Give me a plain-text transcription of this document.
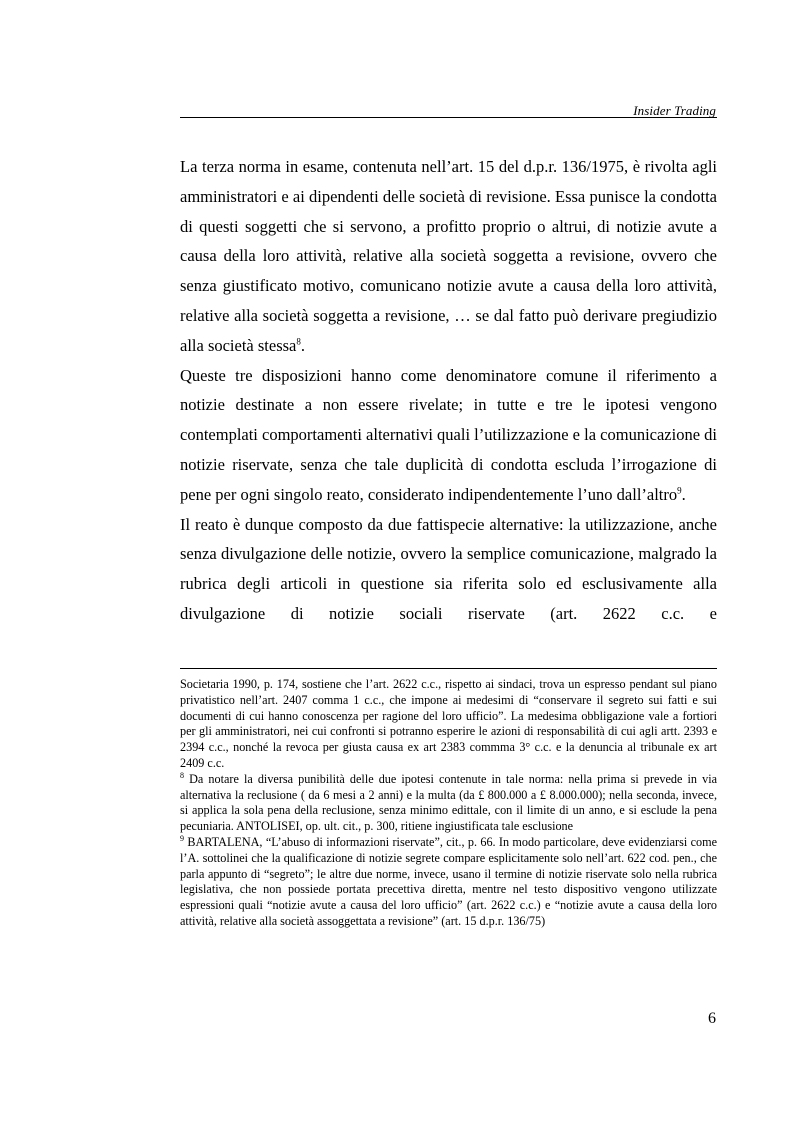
Insider Trading

La terza norma in esame, contenuta nell’art. 15 del d.p.r. 136/1975, è rivolta agli amministratori e ai dipendenti delle società di revisione. Essa punisce la condotta di questi soggetti che si servono, a profitto proprio o altrui, di notizie avute a causa della loro attività, relative alla società soggetta a revisione, ovvero che senza giustificato motivo, comunicano notizie avute a causa della loro attività, relative alla società soggetta a revisione, … se dal fatto può derivare pregiudizio alla società stessa$^8$.

Queste tre disposizioni hanno come denominatore comune il riferimento a notizie destinate a non essere rivelate; in tutte e tre le ipotesi vengono contemplati comportamenti alternativi quali l’utilizzazione e la comunicazione di notizie riservate, senza che tale duplicità di condotta escluda l’irrogazione di pene per ogni singolo reato, considerato indipendentemente l’uno dall’altro$^9$.

Il reato è dunque composto da due fattispecie alternative: la utilizzazione, anche senza divulgazione delle notizie, ovvero la semplice comunicazione, malgrado la rubrica degli articoli in questione sia riferita solo ed esclusivamente alla divulgazione di notizie sociali riservate (art. 2622 c.c. e

Societaria 1990, p. 174, sostiene che l’art. 2622 c.c., rispetto ai sindaci, trova un espresso pendant sul piano privatistico nell’art. 2407 comma 1 c.c., che impone ai medesimi di “conservare il segreto sui fatti e sui documenti di cui hanno conoscenza per ragione del loro ufficio”. La medesima obbligazione vale a fortiori per gli amministratori, nei cui confronti si potranno esperire le azioni di responsabilità di cui agli artt. 2393 e 2394 c.c., nonché la revoca per giusta causa ex art 2383 commma 3° c.c. e la denuncia al tribunale ex art 2409 c.c.

$^8$ Da notare la diversa punibilità delle due ipotesi contenute in tale norma: nella prima si prevede in via alternativa la reclusione ( da 6 mesi a 2 anni) e la multa (da £ 800.000 a £ 8.000.000); nella seconda, invece, si applica la sola pena della reclusione, senza minimo edittale, con il limite di un anno, e si esclude la pena pecuniaria. ANTOLISEI, op. ult. cit., p. 300, ritiene ingiustificata tale esclusione

$^9$ BARTALENA, “L’abuso di informazioni riservate”, cit., p. 66. In modo particolare, deve evidenziarsi come l’A. sottolinei che la qualificazione di notizie segrete compare esplicitamente solo nell’art. 622 cod. pen., che parla appunto di “segreto”; le altre due norme, invece, usano il termine di notizie riservate solo nella rubrica legislativa, che non possiede portata precettiva diretta, mentre nel testo dispositivo vengono utilizzate espressioni quali “notizie avute a causa del loro ufficio” (art. 2622 c.c.) e “notizie avute a causa della loro attività, relative alla società assoggettata a revisione” (art. 15 d.p.r. 136/75)

6
